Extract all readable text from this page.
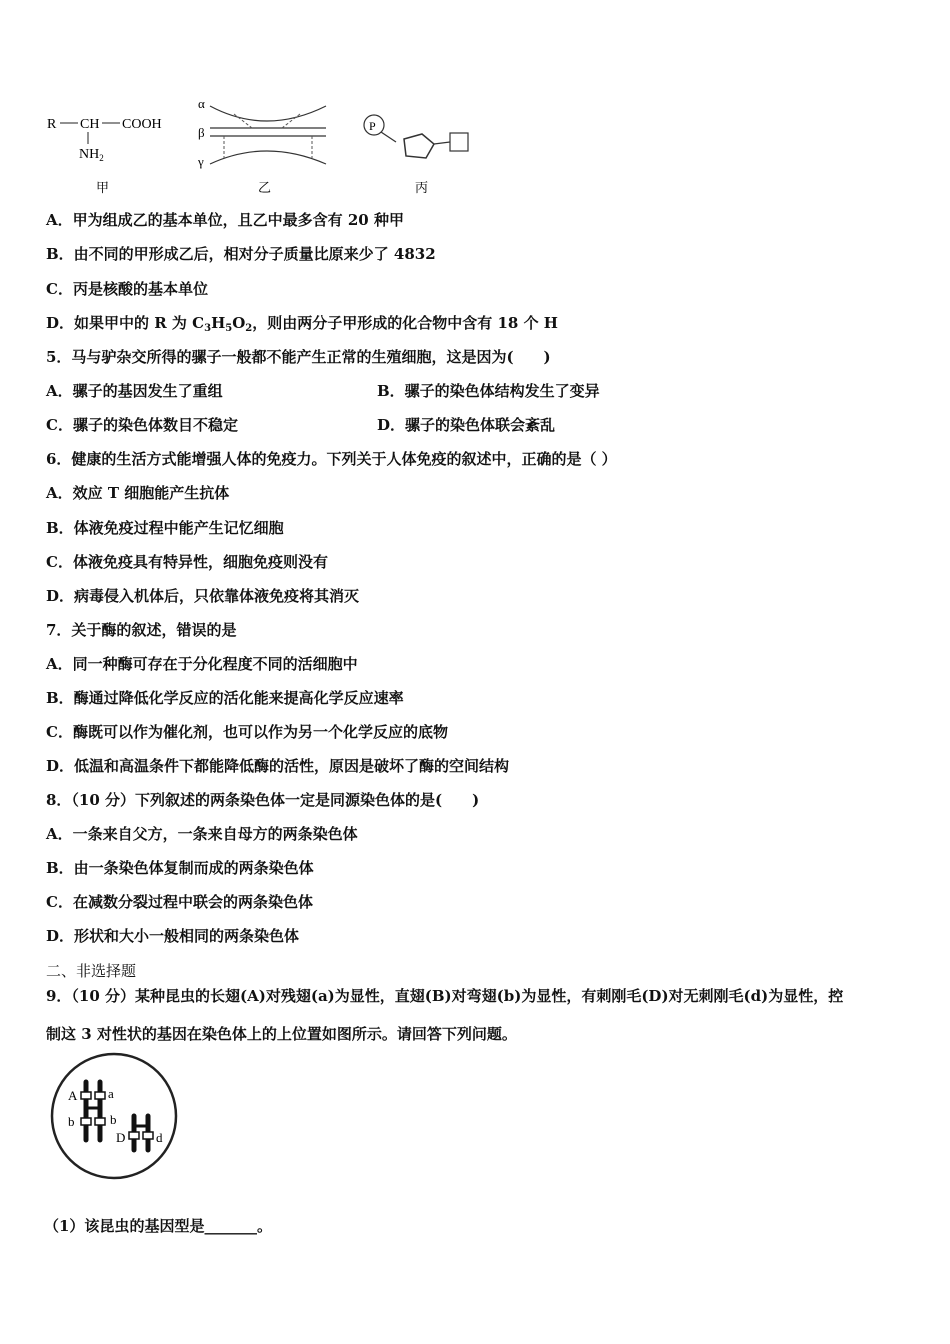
R CH COOH
$NH_2$
甲
α
β
γ
乙
P
丙
A．甲为组成乙的基本单位，且乙中最多含有 20 种甲
B．由不同的甲形成乙后，相对分子质量比原来少了 4832
C．丙是核酸的基本单位
D．如果甲中的 R 为 $C_3H_5O_2$，则由两分子甲形成的化合物中含有 18 个 H
5．马与驴杂交所得的骡子一般都不能产生正常的生殖细胞，这是因为(　　)
A．骡子的基因发生了重组	B．骡子的染色体结构发生了变异
C．骡子的染色体数目不稳定	D．骡子的染色体联会紊乱
6．健康的生活方式能增强人体的免疫力。下列关于人体免疫的叙述中，正确的是（ ）
A．效应 T 细胞能产生抗体
B．体液免疫过程中能产生记忆细胞
C．体液免疫具有特异性，细胞免疫则没有
D．病毒侵入机体后，只依靠体液免疫将其消灭
7．关于酶的叙述，错误的是
A．同一种酶可存在于分化程度不同的活细胞中
B．酶通过降低化学反应的活化能来提高化学反应速率
C．酶既可以作为催化剂，也可以作为另一个化学反应的底物
D．低温和高温条件下都能降低酶的活性，原因是破坏了酶的空间结构
8．（10 分）下列叙述的两条染色体一定是同源染色体的是(　　)
A．一条来自父方，一条来自母方的两条染色体
B．由一条染色体复制而成的两条染色体
C．在减数分裂过程中联会的两条染色体
D．形状和大小一般相同的两条染色体
二、非选择题
9．（10 分）某种昆虫的长翅(A)对残翅(a)为显性，直翅(B)对弯翅(b)为显性，有刺刚毛(D)对无刺刚毛(d)为显性，控
制这 3 对性状的基因在染色体上的上位置如图所示。请回答下列问题。
A a
b	b
D d
（1）该昆虫的基因型是_______。
